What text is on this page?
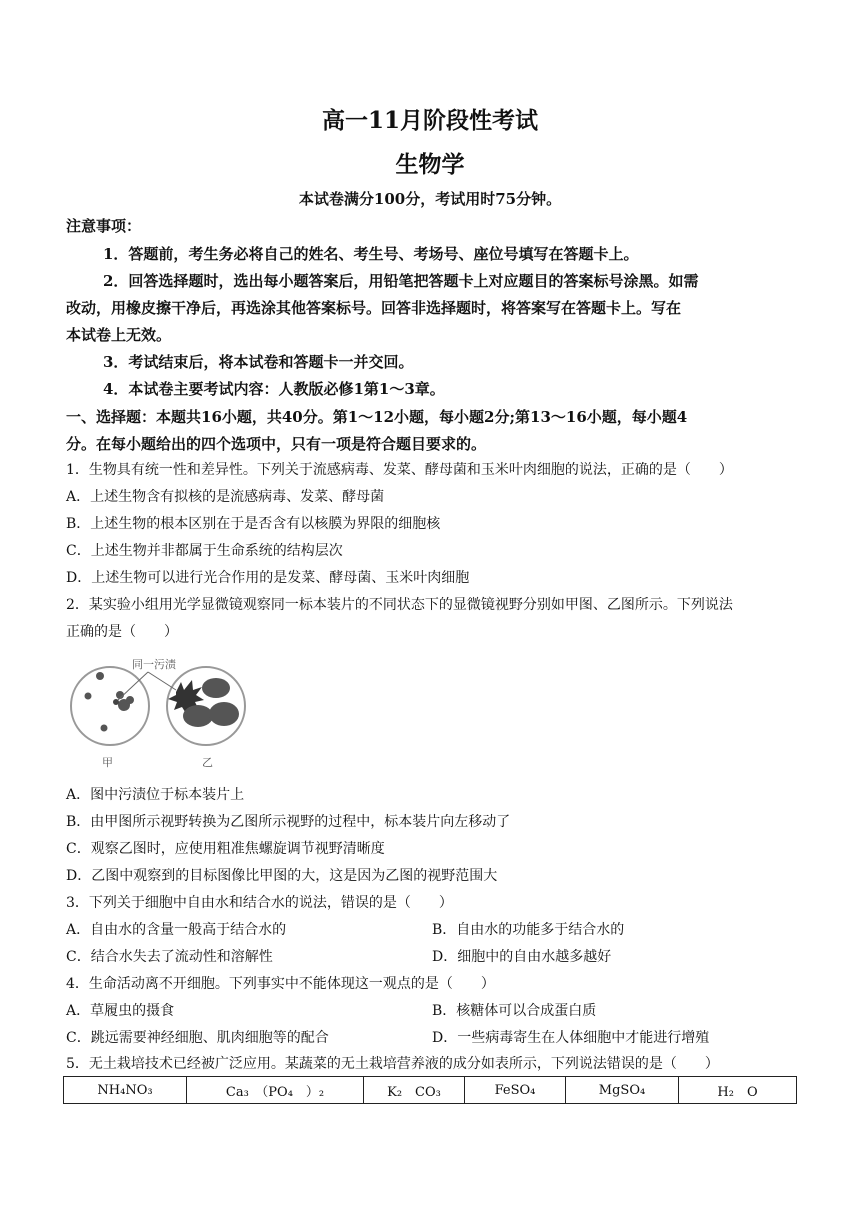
高一11月阶段性考试
生物学
本试卷满分100分，考试用时75分钟。
注意事项：
1．答题前，考生务必将自己的姓名、考生号、考场号、座位号填写在答题卡上。
2．回答选择题时，选出每小题答案后，用铅笔把答题卡上对应题目的答案标号涂黑。如需
改动，用橡皮擦干净后，再选涂其他答案标号。回答非选择题时，将答案写在答题卡上。写在
本试卷上无效。
3．考试结束后，将本试卷和答题卡一并交回。
4．本试卷主要考试内容：人教版必修1第1～3章。
一、选择题：本题共16小题，共40分。第1～12小题，每小题2分;第13～16小题，每小题4
分。在每小题给出的四个选项中，只有一项是符合题目要求的。
1．生物具有统一性和差异性。下列关于流感病毒、发菜、酵母菌和玉米叶肉细胞的说法，正确的是（　　）
A．上述生物含有拟核的是流感病毒、发菜、酵母菌
B．上述生物的根本区别在于是否含有以核膜为界限的细胞核
C．上述生物并非都属于生命系统的结构层次
D．上述生物可以进行光合作用的是发菜、酵母菌、玉米叶肉细胞
2．某实验小组用光学显微镜观察同一标本装片的不同状态下的显微镜视野分别如甲图、乙图所示。下列说法
正确的是（　　）
同一污渍
甲	乙
A．图中污渍位于标本装片上
B．由甲图所示视野转换为乙图所示视野的过程中，标本装片向左移动了
C．观察乙图时，应使用粗准焦螺旋调节视野清晰度
D．乙图中观察到的目标图像比甲图的大，这是因为乙图的视野范围大
3．下列关于细胞中自由水和结合水的说法，错误的是（　　）
A．自由水的含量一般高于结合水的	B．自由水的功能多于结合水的
C．结合水失去了流动性和溶解性	D．细胞中的自由水越多越好
4．生命活动离不开细胞。下列事实中不能体现这一观点的是（　　）
A．草履虫的摄食	B．核糖体可以合成蛋白质
C．跳远需要神经细胞、肌肉细胞等的配合	D．一些病毒寄生在人体细胞中才能进行增殖
5．无土栽培技术已经被广泛应用。某蔬菜的无土栽培营养液的成分如表所示，下列说法错误的是（　　）
NH₄NO₃	Ca₃　（PO₄　）₂	K₂　CO₃	FeSO₄	MgSO₄	H₂　O
